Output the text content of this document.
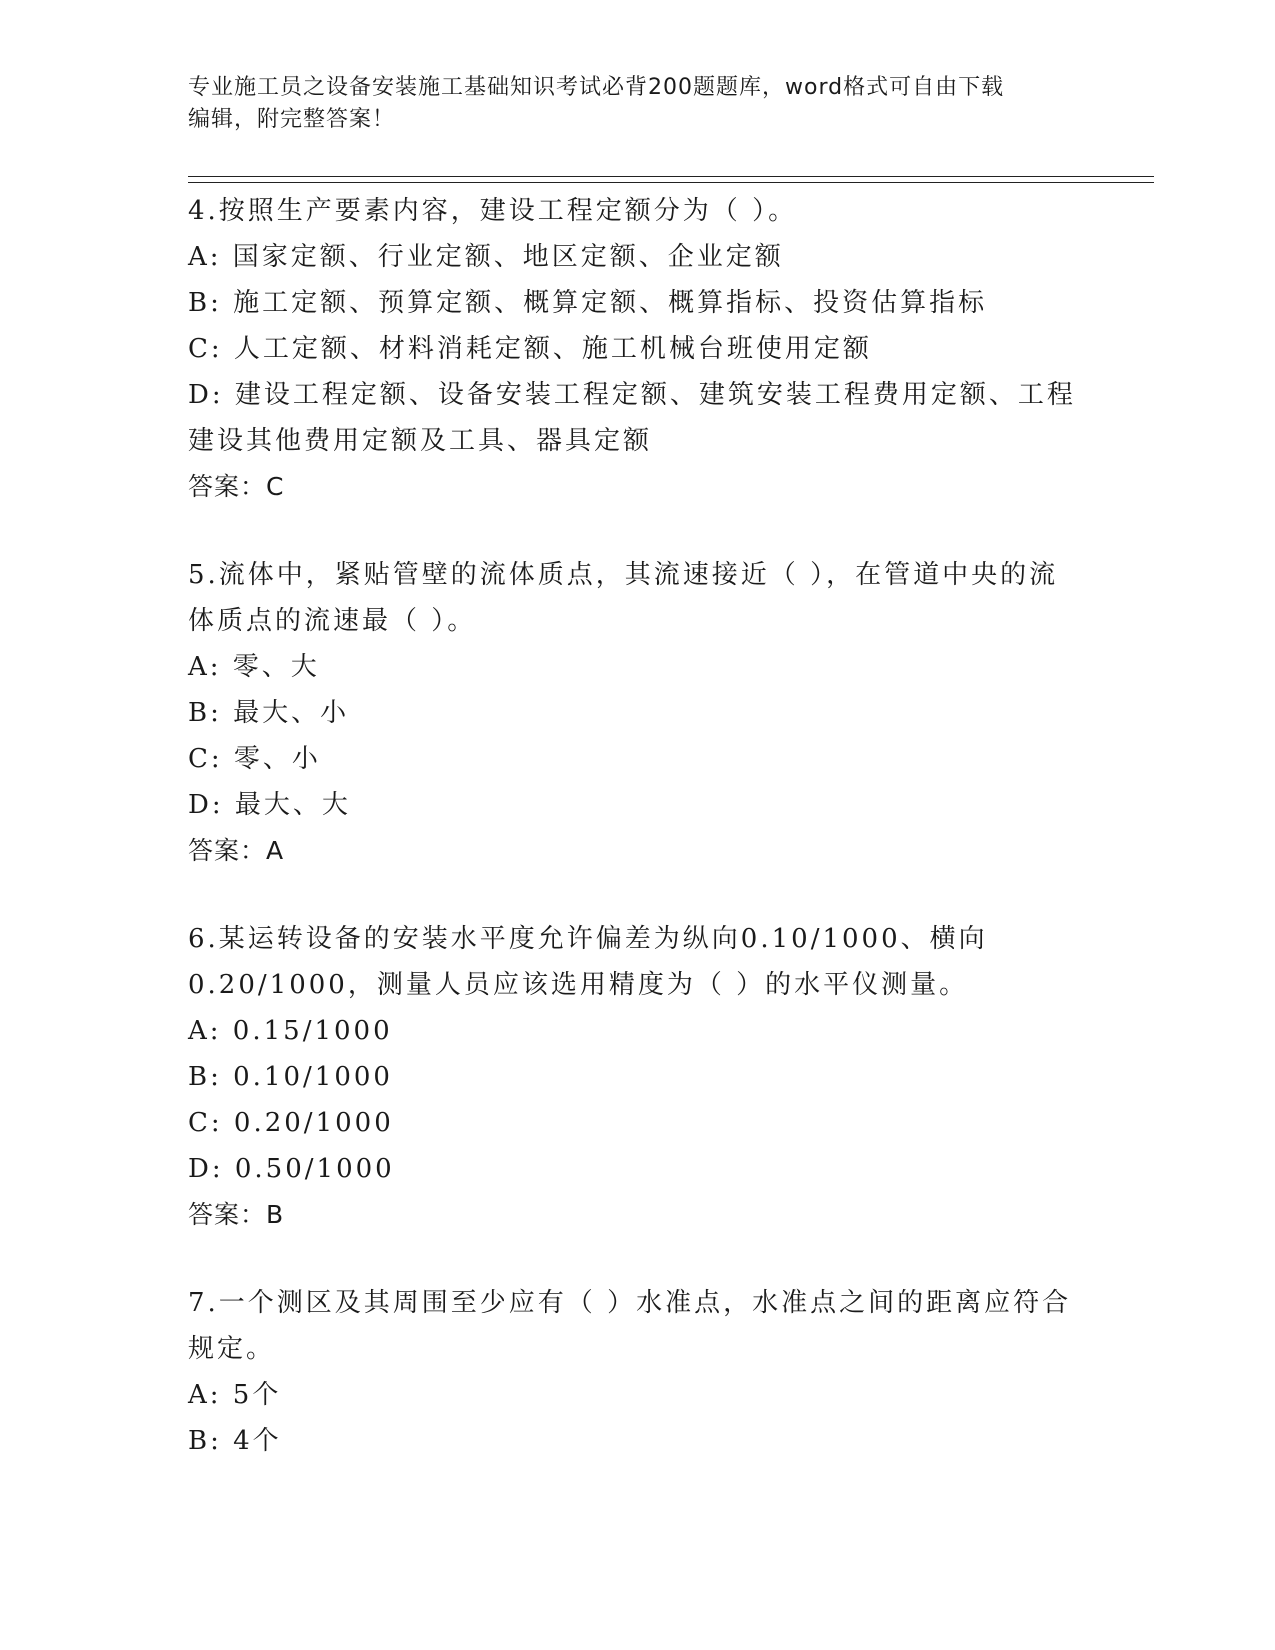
专业施工员之设备安装施工基础知识考试必背200题题库，word格式可自由下载
编辑，附完整答案！
4.按照生产要素内容，建设工程定额分为（ ）。
A: 国家定额、行业定额、地区定额、企业定额
B: 施工定额、预算定额、概算定额、概算指标、投资估算指标
C: 人工定额、材料消耗定额、施工机械台班使用定额
D: 建设工程定额、设备安装工程定额、建筑安装工程费用定额、工程
建设其他费用定额及工具、器具定额
答案：C
5.流体中，紧贴管壁的流体质点，其流速接近（ ），在管道中央的流
体质点的流速最（ ）。
A: 零、大
B: 最大、小
C: 零、小
D: 最大、大
答案：A
6.某运转设备的安装水平度允许偏差为纵向0.10/1000、横向
0.20/1000，测量人员应该选用精度为（ ）的水平仪测量。
A: 0.15/1000
B: 0.10/1000
C: 0.20/1000
D: 0.50/1000
答案：B
7.一个测区及其周围至少应有（ ）水准点，水准点之间的距离应符合
规定。
A: 5个
B: 4个
